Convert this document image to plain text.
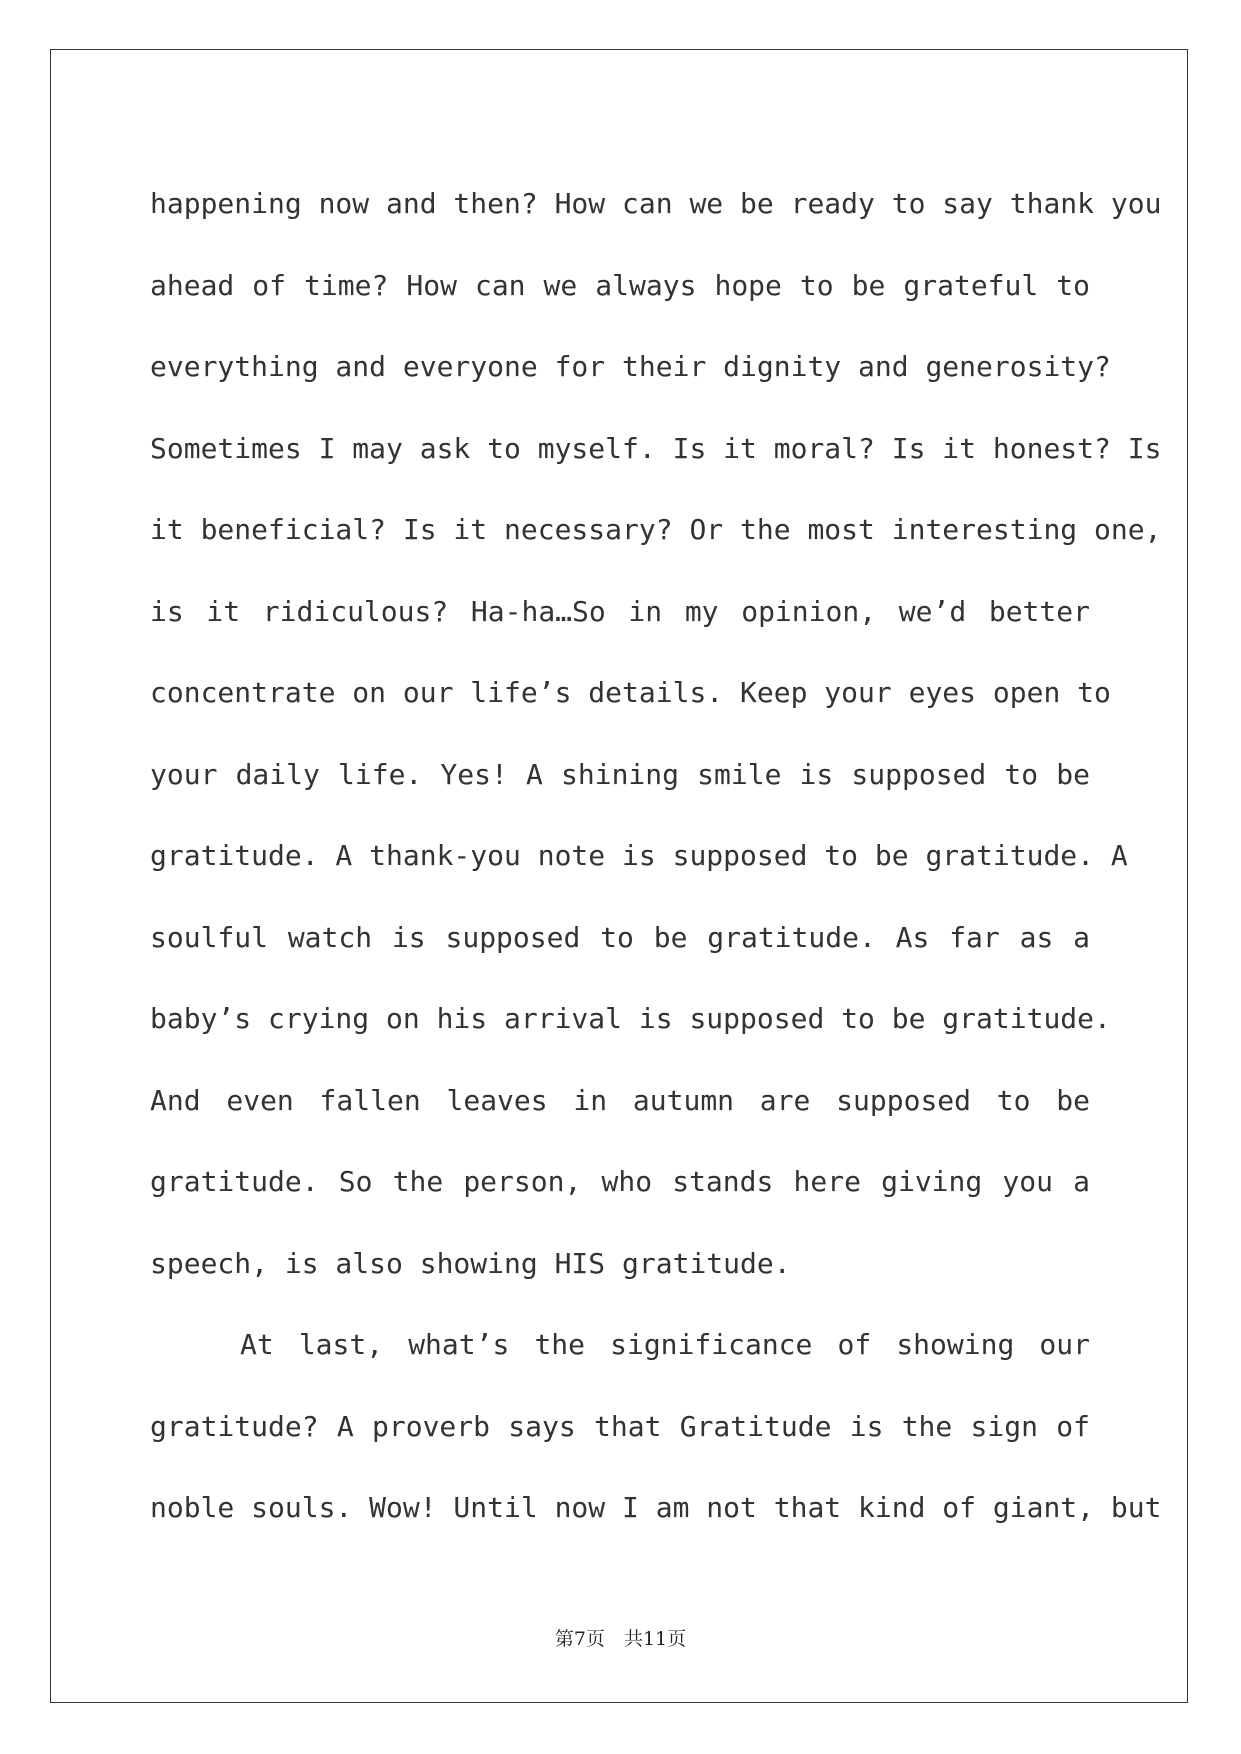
happening now and then? How can we be ready to say thank you
ahead of time? How can we always hope to be grateful to
everything and everyone for their dignity and generosity?
Sometimes I may ask to myself. Is it moral? Is it honest? Is
it beneficial? Is it necessary? Or the most interesting one,
is it ridiculous? Ha-ha…So in my opinion, we’d better
concentrate on our life’s details. Keep your eyes open to
your daily life. Yes! A shining smile is supposed to be
gratitude. A thank-you note is supposed to be gratitude. A
soulful watch is supposed to be gratitude. As far as a
baby’s crying on his arrival is supposed to be gratitude.
And even fallen leaves in autumn are supposed to be
gratitude. So the person, who stands here giving you a
speech, is also showing HIS gratitude.
At last, what’s the significance of showing our
gratitude? A proverb says that Gratitude is the sign of
noble souls. Wow! Until now I am not that kind of giant, but
第7页　共11页
